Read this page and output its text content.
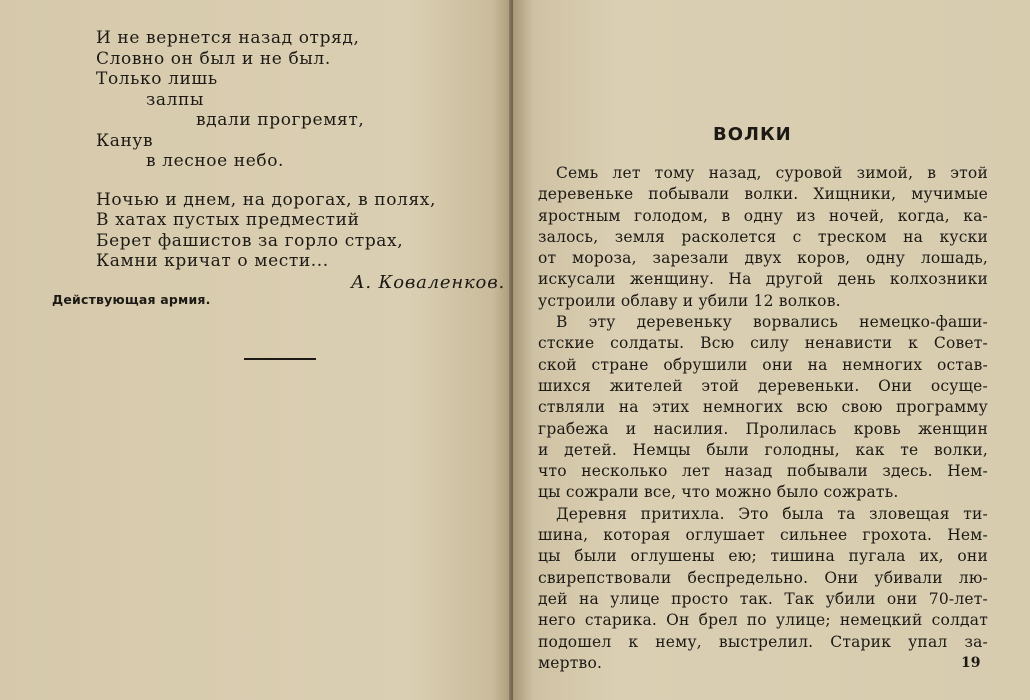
И не вернется назад отряд,
Словно он был и не был.
Только лишь
залпы
вдали прогремят,
Канув
в лесное небо.
Ночью и днем, на дорогах, в полях,
В хатах пустых предместий
Берет фашистов за горло страх,
Камни кричат о мести...
А. Коваленков.
Действующая армия.
ВОЛКИ
Семь лет тому назад, суровой зимой, в этой
деревеньке побывали волки. Хищники, мучимые
яростным голодом, в одну из ночей, когда, ка-
залось, земля расколется с треском на куски
от мороза, зарезали двух коров, одну лошадь,
искусали женщину. На другой день колхозники
устроили облаву и убили 12 волков.
В эту деревеньку ворвались немецко-фаши-
стские солдаты. Всю силу ненависти к Совет-
ской стране обрушили они на немногих остав-
шихся жителей этой деревеньки. Они осуще-
ствляли на этих немногих всю свою программу
грабежа и насилия. Пролилась кровь женщин
и детей. Немцы были голодны, как те волки,
что несколько лет назад побывали здесь. Нем-
цы сожрали все, что можно было сожрать.
Деревня притихла. Это была та зловещая ти-
шина, которая оглушает сильнее грохота. Нем-
цы были оглушены ею; тишина пугала их, они
свирепствовали беспредельно. Они убивали лю-
дей на улице просто так. Так убили они 70-лет-
него старика. Он брел по улице; немецкий солдат
подошел к нему, выстрелил. Старик упал за-
мертво.	19
